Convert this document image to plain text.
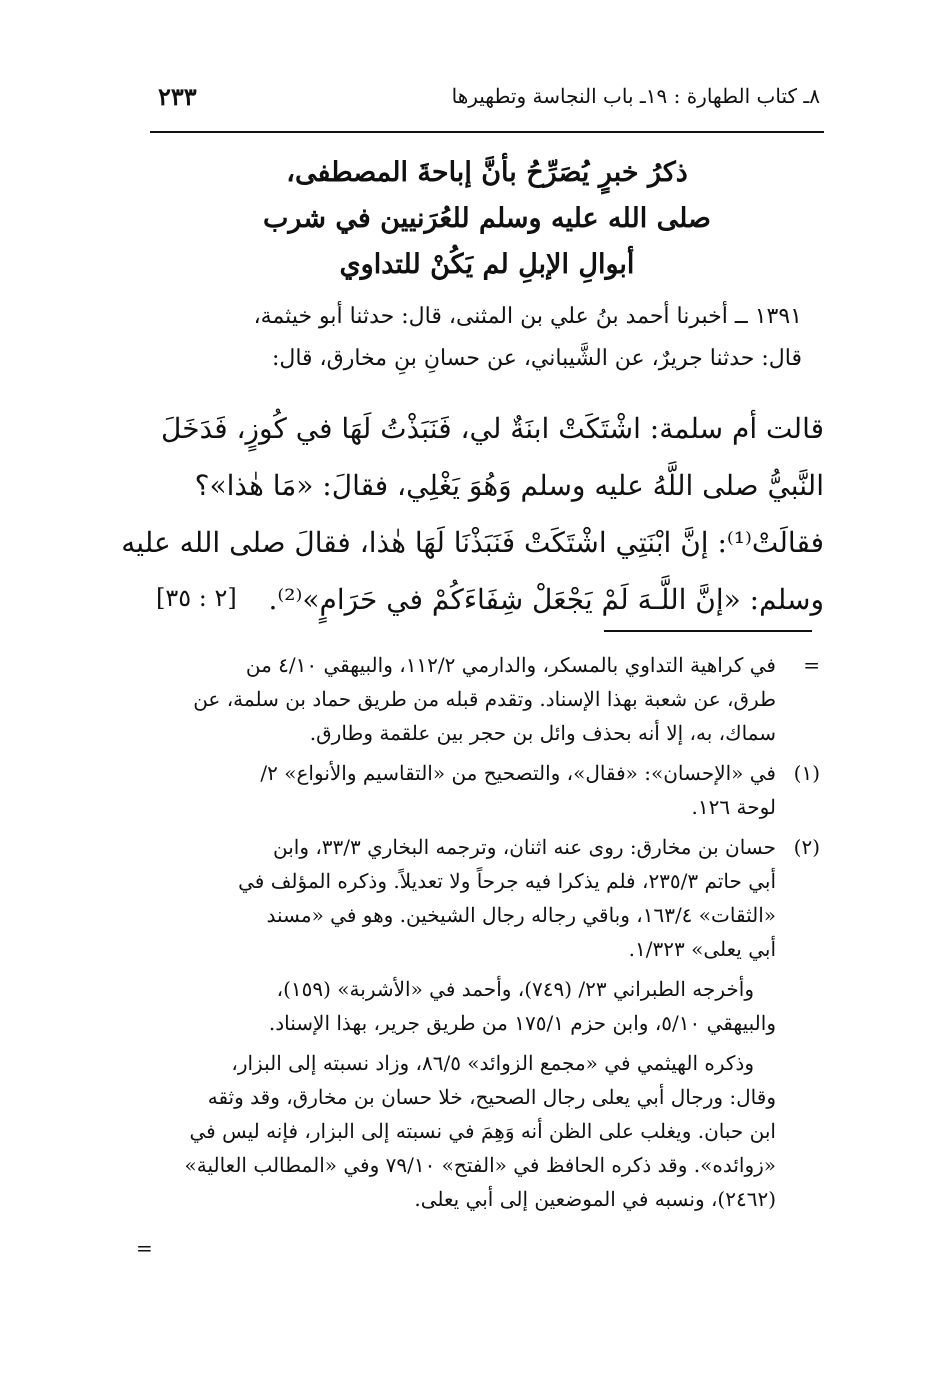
٢٣٣	٨ـ كتاب الطهارة : ١٩ـ باب النجاسة وتطهيرها
ذكرُ خبرٍ يُصَرِّحُ بأنَّ إباحةَ المصطفى،
صلى الله عليه وسلم للعُرَنيين في شرب
أبوالِ الإبلِ لم يَكُنْ للتداوي
١٣٩١ ــ أخبرنا أحمد بنُ علي بن المثنى، قال: حدثنا أبو خيثمة،
قال: حدثنا جريرٌ، عن الشَّيباني، عن حسانِ بنِ مخارق، قال:
قالت أم سلمة: اشْتَكَتْ ابنَةٌ لي، فَنَبَذْتُ لَهَا في كُوزٍ، فَدَخَلَ
النَّبيُّ صلى اللَّهُ عليه وسلم وَهُوَ يَغْلِي، فقالَ: «مَا هٰذا»؟
فقالَتْ⁽¹⁾: إنَّ ابْنَتِي اشْتَكَتْ فَنَبَذْنَا لَهَا هٰذا، فقالَ صلى الله عليه
وسلم: «إنَّ اللَّـهَ لَمْ يَجْعَلْ شِفَاءَكُمْ في حَرَامٍ»⁽²⁾.
[٢ : ٣٥]
=
في كراهية التداوي بالمسكر، والدارمي ١١٢/٢، والبيهقي ٤/١٠ من
طرق، عن شعبة بهذا الإسناد. وتقدم قبله من طريق حماد بن سلمة، عن
سماك، به، إلا أنه بحذف وائل بن حجر بين علقمة وطارق.
(١)
في «الإحسان»: «فقال»، والتصحيح من «التقاسيم والأنواع» ٢/
لوحة ١٢٦.
(٢)
حسان بن مخارق: روى عنه اثنان، وترجمه البخاري ٣٣/٣، وابن
أبي حاتم ٢٣٥/٣، فلم يذكرا فيه جرحاً ولا تعديلاً. وذكره المؤلف في
«الثقات» ١٦٣/٤، وباقي رجاله رجال الشيخين. وهو في «مسند
أبي يعلى» ١/٣٢٣.
وأخرجه الطبراني ٢٣/ (٧٤٩)، وأحمد في «الأشربة» (١٥٩)،
والبيهقي ٥/١٠، وابن حزم ١٧٥/١ من طريق جرير، بهذا الإسناد.
وذكره الهيثمي في «مجمع الزوائد» ٨٦/٥، وزاد نسبته إلى البزار،
وقال: ورجال أبي يعلى رجال الصحيح، خلا حسان بن مخارق، وقد وثقه
ابن حبان. ويغلب على الظن أنه وَهِمَ في نسبته إلى البزار، فإنه ليس في
«زوائده». وقد ذكره الحافظ في «الفتح» ٧٩/١٠ وفي «المطالب العالية»
(٢٤٦٢)، ونسبه في الموضعين إلى أبي يعلى.
=
